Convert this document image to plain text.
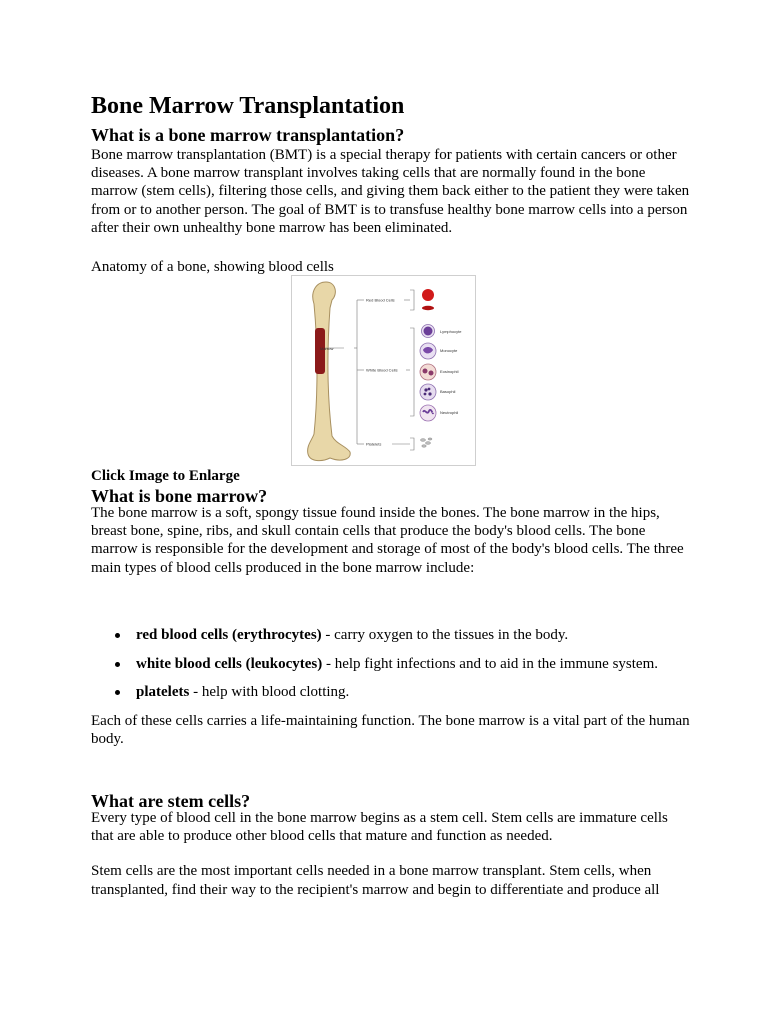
Bone Marrow Transplantation
What is a bone marrow transplantation?

Bone marrow transplantation (BMT) is a special therapy for patients with certain cancers or other diseases. A bone marrow transplant involves taking cells that are normally found in the bone marrow (stem cells), filtering those cells, and giving them back either to the patient they were taken from or to another person. The goal of BMT is to transfuse healthy bone marrow cells into a person after their own unhealthy bone marrow has been eliminated.

Anatomy of a bone, showing blood cells
Marrow
Red Blood Cells
White Blood Cells
Platelets
Lymphocyte
Monocyte
Eosinophil
Basophil
Neutrophil
Click Image to Enlarge
What is bone marrow?

The bone marrow is a soft, spongy tissue found inside the bones. The bone marrow in the hips, breast bone, spine, ribs, and skull contain cells that produce the body's blood cells. The bone marrow is responsible for the development and storage of most of the body's blood cells. The three main types of blood cells produced in the bone marrow include:

red blood cells (erythrocytes) - carry oxygen to the tissues in the body.
white blood cells (leukocytes) - help fight infections and to aid in the immune system.
platelets - help with blood clotting.

Each of these cells carries a life-maintaining function. The bone marrow is a vital part of the human body.

What are stem cells?

Every type of blood cell in the bone marrow begins as a stem cell. Stem cells are immature cells that are able to produce other blood cells that mature and function as needed.

Stem cells are the most important cells needed in a bone marrow transplant. Stem cells, when transplanted, find their way to the recipient's marrow and begin to differentiate and produce all
